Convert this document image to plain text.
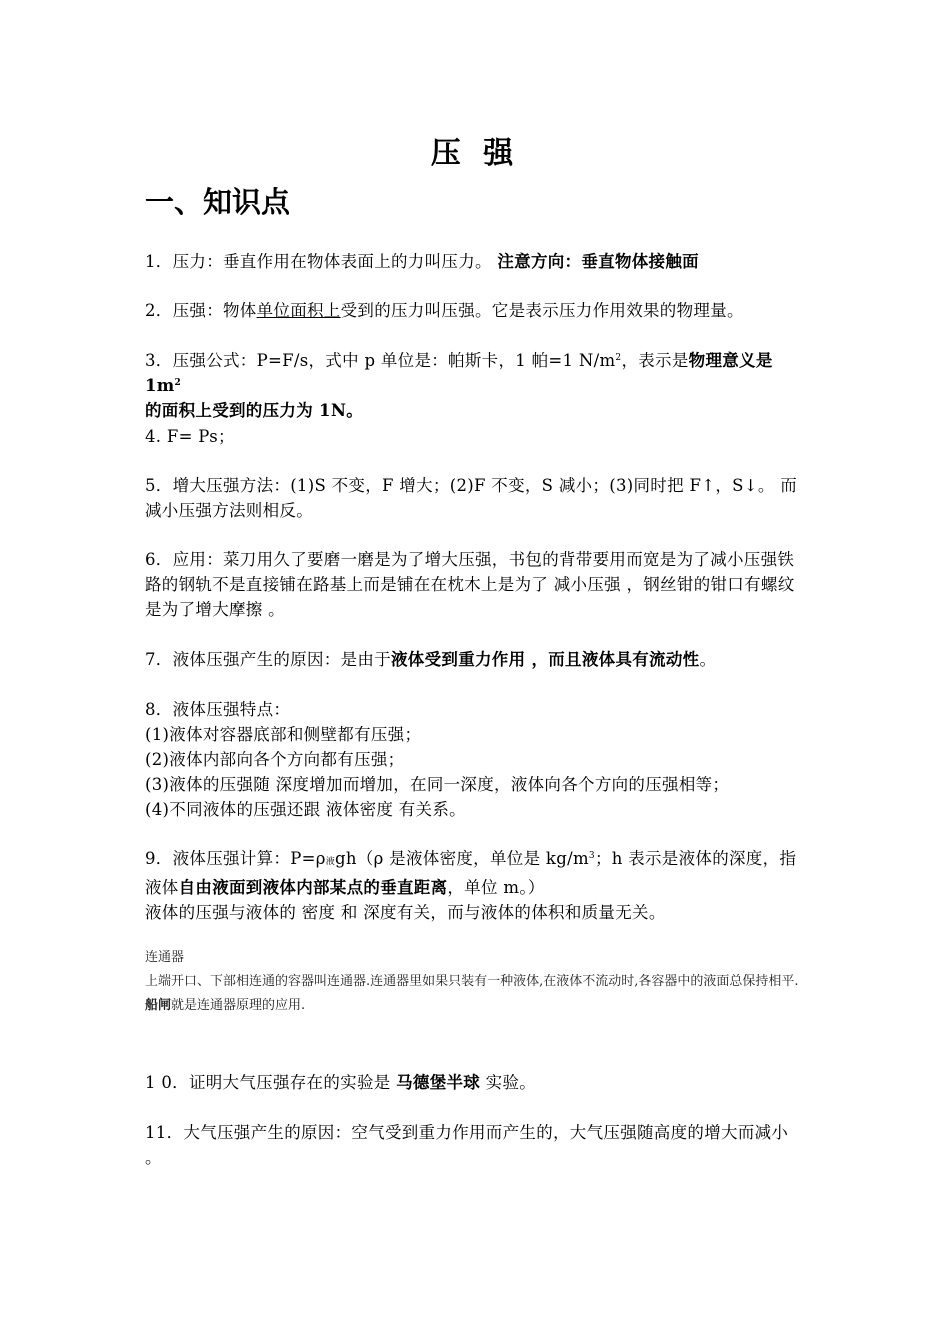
压 强
一、知识点
1．压力：垂直作用在物体表面上的力叫压力。 注意方向：垂直物体接触面
2．压强：物体单位面积上受到的压力叫压强。它是表示压力作用效果的物理量。
3．压强公式：P=F/s，式中 p 单位是：帕斯卡，1 帕=1 $N/m^2$，表示是物理意义是 $1m^2$
的面积上受到的压力为 1N。
4. F= Ps；
5．增大压强方法：(1)S 不变，F 增大；(2)F 不变，S 减小；(3)同时把 F↑，S↓。 而减小压强方法则相反。
6．应用：菜刀用久了要磨一磨是为了增大压强，书包的背带要用而宽是为了减小压强铁路的钢轨不是直接铺在路基上而是铺在在枕木上是为了 减小压强 ，钢丝钳的钳口有螺纹是为了增大摩擦 。
7．液体压强产生的原因：是由于液体受到重力作用 ，而且液体具有流动性。
8．液体压强特点：
(1)液体对容器底部和侧壁都有压强；
(2)液体内部向各个方向都有压强；
(3)液体的压强随 深度增加而增加，在同一深度，液体向各个方向的压强相等；
(4)不同液体的压强还跟 液体密度 有关系。
9．液体压强计算：P=ρ液gh（ρ 是液体密度，单位是 $kg/m^3$；h 表示是液体的深度，指液体自由液面到液体内部某点的垂直距离，单位 m。）
液体的压强与液体的 密度 和 深度有关，而与液体的体积和质量无关。
连通器
上端开口、下部相连通的容器叫连通器.连通器里如果只装有一种液体,在液体不流动时,各容器中的液面总保持相平. 船闸就是连通器原理的应用.
1 0．证明大气压强存在的实验是 马德堡半球 实验。
11．大气压强产生的原因：空气受到重力作用而产生的，大气压强随高度的增大而减小 。
